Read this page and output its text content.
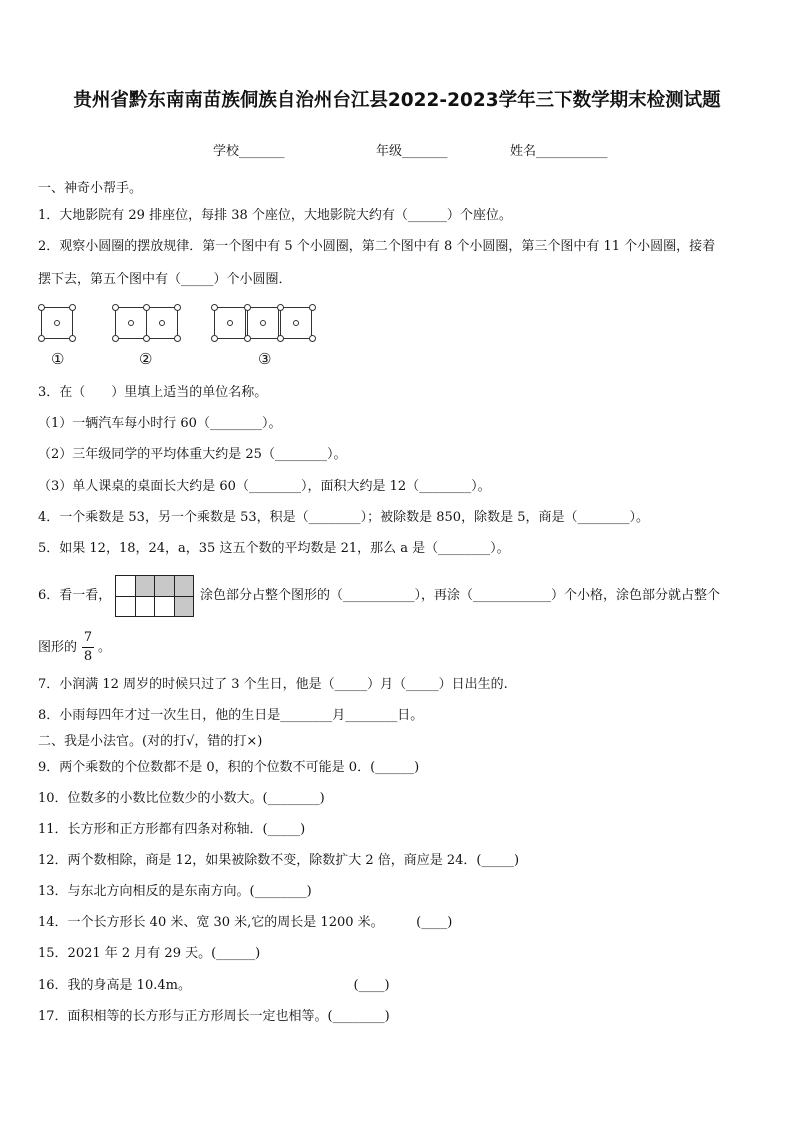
贵州省黔东南南苗族侗族自治州台江县2022-2023学年三下数学期末检测试题
学校_______	年级_______	姓名___________
一、神奇小帮手。
1．大地影院有 29 排座位，每排 38 个座位，大地影院大约有（______）个座位。
2．观察小圆圈的摆放规律．第一个图中有 5 个小圆圈，第二个图中有 8 个小圆圈，第三个图中有 11 个小圆圈，接着
摆下去，第五个图中有（_____）个小圆圈．
①	②	③
3．在（　　）里填上适当的单位名称。
（1）一辆汽车每小时行 60（________）。
（2）三年级同学的平均体重大约是 25（________）。
（3）单人课桌的桌面长大约是 60（________），面积大约是 12（________）。
4．一个乘数是 53，另一个乘数是 53，积是（________）；被除数是 850，除数是 5，商是（________）。
5．如果 12，18，24，a，35 这五个数的平均数是 21，那么 a 是（________）。
6．看一看，	涂色部分占整个图形的（___________），再涂（____________）个小格，涂色部分就占整个
图形的
7
8
。
7．小润满 12 周岁的时候只过了 3 个生日，他是（_____）月（_____）日出生的.
8．小雨每四年才过一次生日，他的生日是________月________日。
二、我是小法官。(对的打√，错的打×)
9．两个乘数的个位数都不是 0，积的个位数不可能是 0．(______)
10．位数多的小数比位数少的小数大。(________)
11．长方形和正方形都有四条对称轴．(_____)
12．两个数相除，商是 12，如果被除数不变，除数扩大 2 倍，商应是 24．(_____)
13．与东北方向相反的是东南方向。(________)
14．一个长方形长 40 米、宽 30 米,它的周长是 1200 米。　　　(____)
15．2021 年 2 月有 29 天。(______)
16．我的身高是 10.4m。　　　　　　　　　　　　　(____)
17．面积相等的长方形与正方形周长一定也相等。(________)
